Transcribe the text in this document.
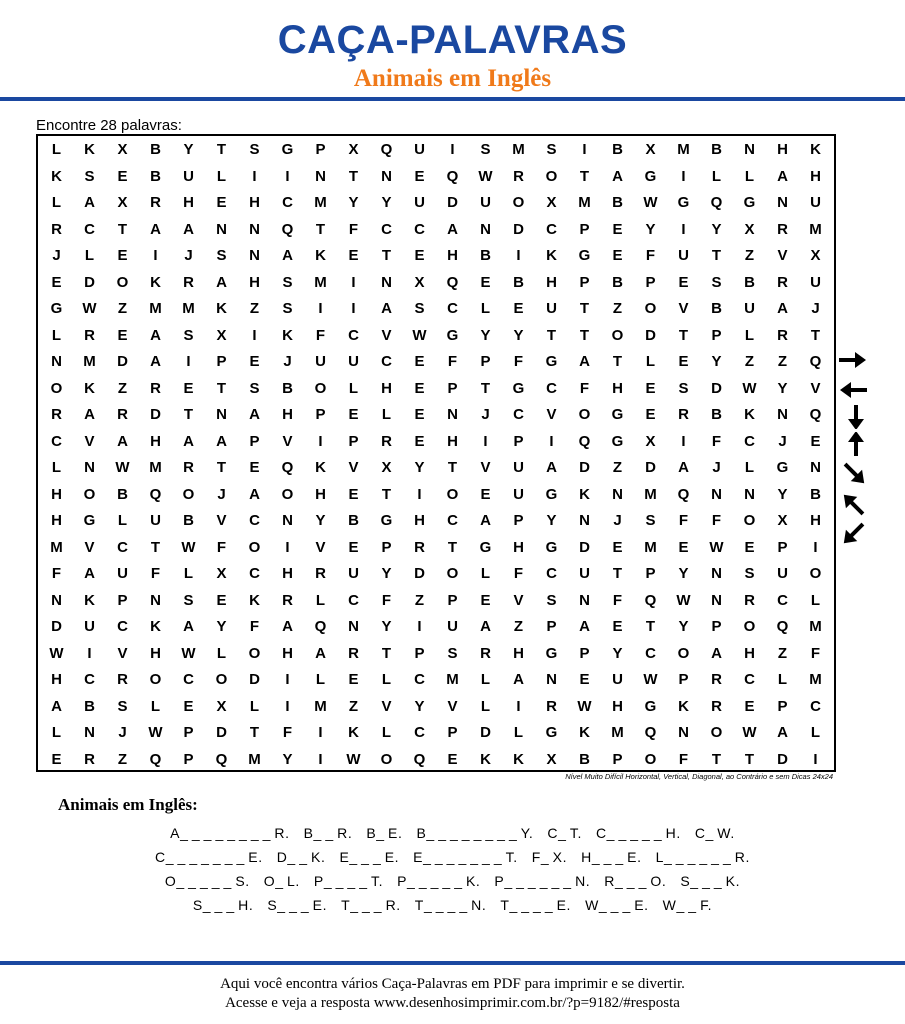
CAÇA-PALAVRAS
Animais em Inglês
Encontre 28 palavras:
L	K	X	B	Y	T	S	G	P	X	Q	U	I	S	M	S	I	B	X	M	B	N	H	K
K	S	E	B	U	L	I	I	N	T	N	E	Q	W	R	O	T	A	G	I	L	L	A	H
L	A	X	R	H	E	H	C	M	Y	Y	U	D	U	O	X	M	B	W	G	Q	G	N	U
R	C	T	A	A	N	N	Q	T	F	C	C	A	N	D	C	P	E	Y	I	Y	X	R	M
J	L	E	I	J	S	N	A	K	E	T	E	H	B	I	K	G	E	F	U	T	Z	V	X
E	D	O	K	R	A	H	S	M	I	N	X	Q	E	B	H	P	B	P	E	S	B	R	U
G	W	Z	M	M	K	Z	S	I	I	A	S	C	L	E	U	T	Z	O	V	B	U	A	J
L	R	E	A	S	X	I	K	F	C	V	W	G	Y	Y	T	T	O	D	T	P	L	R	T
N	M	D	A	I	P	E	J	U	U	C	E	F	P	F	G	A	T	L	E	Y	Z	Z	Q
O	K	Z	R	E	T	S	B	O	L	H	E	P	T	G	C	F	H	E	S	D	W	Y	V
R	A	R	D	T	N	A	H	P	E	L	E	N	J	C	V	O	G	E	R	B	K	N	Q
C	V	A	H	A	A	P	V	I	P	R	E	H	I	P	I	Q	G	X	I	F	C	J	E
L	N	W	M	R	T	E	Q	K	V	X	Y	T	V	U	A	D	Z	D	A	J	L	G	N
H	O	B	Q	O	J	A	O	H	E	T	I	O	E	U	G	K	N	M	Q	N	N	Y	B
H	G	L	U	B	V	C	N	Y	B	G	H	C	A	P	Y	N	J	S	F	F	O	X	H
M	V	C	T	W	F	O	I	V	E	P	R	T	G	H	G	D	E	M	E	W	E	P	I
F	A	U	F	L	X	C	H	R	U	Y	D	O	L	F	C	U	T	P	Y	N	S	U	O
N	K	P	N	S	E	K	R	L	C	F	Z	P	E	V	S	N	F	Q	W	N	R	C	L
D	U	C	K	A	Y	F	A	Q	N	Y	I	U	A	Z	P	A	E	T	Y	P	O	Q	M
W	I	V	H	W	L	O	H	A	R	T	P	S	R	H	G	P	Y	C	O	A	H	Z	F
H	C	R	O	C	O	D	I	L	E	L	C	M	L	A	N	E	U	W	P	R	C	L	M
A	B	S	L	E	X	L	I	M	Z	V	Y	V	L	I	R	W	H	G	K	R	E	P	C
L	N	J	W	P	D	T	F	I	K	L	C	P	D	L	G	K	M	Q	N	O	W	A	L
E	R	Z	Q	P	Q	M	Y	I	W	O	Q	E	K	K	X	B	P	O	F	T	T	D	I
Nível Muito Difícil Horizontal, Vertical, Diagonal, ao Contrário e sem Dicas 24x24
Animais em Inglês:
A_ _ _ _ _ _ _ _ R. B_ _ R. B_ E. B_ _ _ _ _ _ _ _ Y. C_ T. C_ _ _ _ _ H. C_ W.
C_ _ _ _ _ _ _ E. D_ _ K. E_ _ _ E. E_ _ _ _ _ _ _ T. F_ X. H_ _ _ E. L_ _ _ _ _ _ R.
O_ _ _ _ _ S. O_ L. P_ _ _ _ T. P_ _ _ _ _ K. P_ _ _ _ _ _ N. R_ _ _ O. S_ _ _ K.
S_ _ _ H. S_ _ _ E. T_ _ _ R. T_ _ _ _ N. T_ _ _ _ E. W_ _ _ E. W_ _ F.
Aqui você encontra vários Caça-Palavras em PDF para imprimir e se divertir.
Acesse e veja a resposta www.desenhosimprimir.com.br/?p=9182/#resposta
